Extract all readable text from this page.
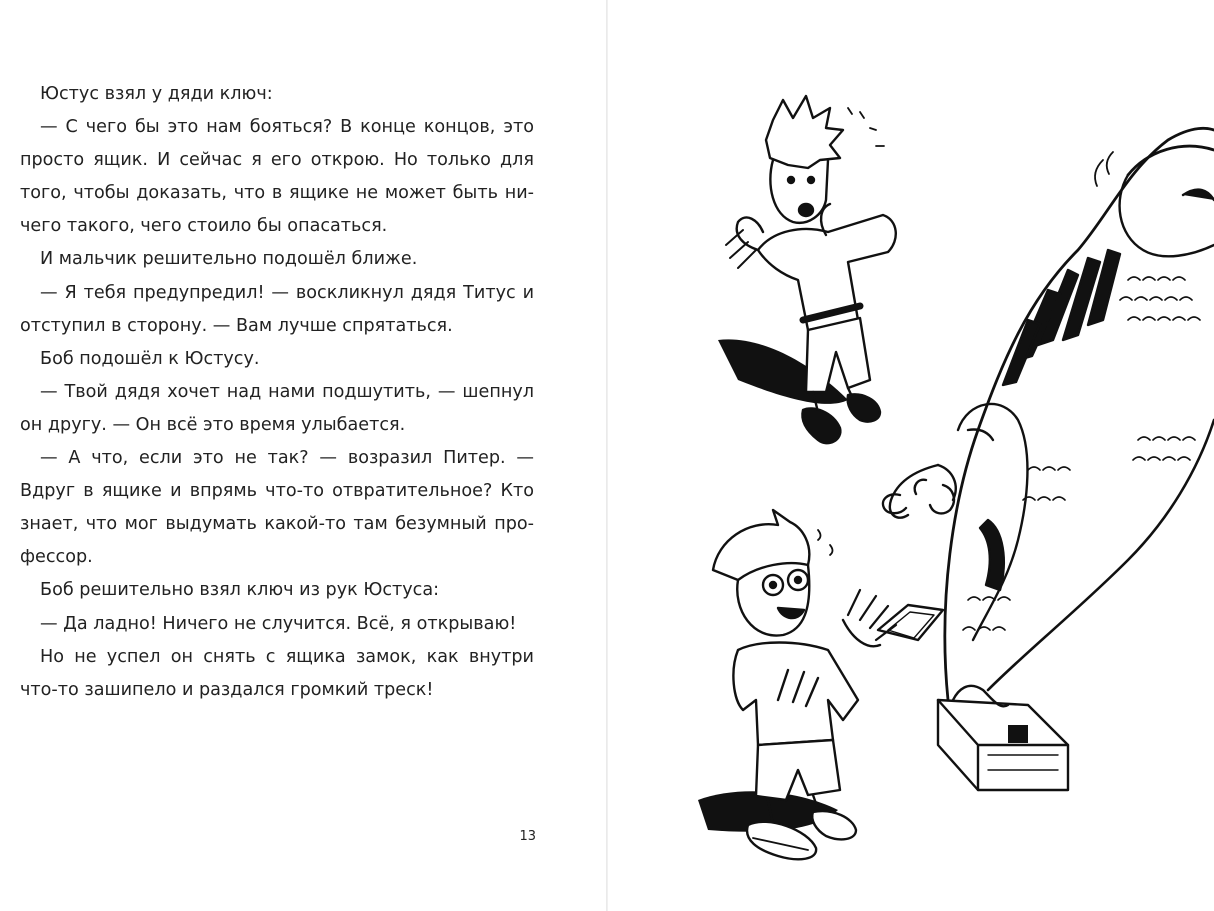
Юстус взял у дяди ключ:

— С чего бы это нам бояться? В конце концов, это просто ящик. И сейчас я его открою. Но только для того, чтобы доказать, что в ящике не может быть ничего такого, чего стоило бы опасаться.

И мальчик решительно подошёл ближе.

— Я тебя предупредил! — воскликнул дядя Титус и отступил в сторону. — Вам лучше спрятаться.

Боб подошёл к Юстусу.

— Твой дядя хочет над нами подшутить, — шепнул он другу. — Он всё это время улыбается.

— А что, если это не так? — возразил Питер. — Вдруг в ящике и впрямь что-то отвратительное? Кто знает, что мог выдумать какой-то там безумный профессор.

Боб решительно взял ключ из рук Юстуса:

— Да ладно! Ничего не случится. Всё, я открываю!

Но не успел он снять с ящика замок, как внутри что-то зашипело и раздался громкий треск!

13
